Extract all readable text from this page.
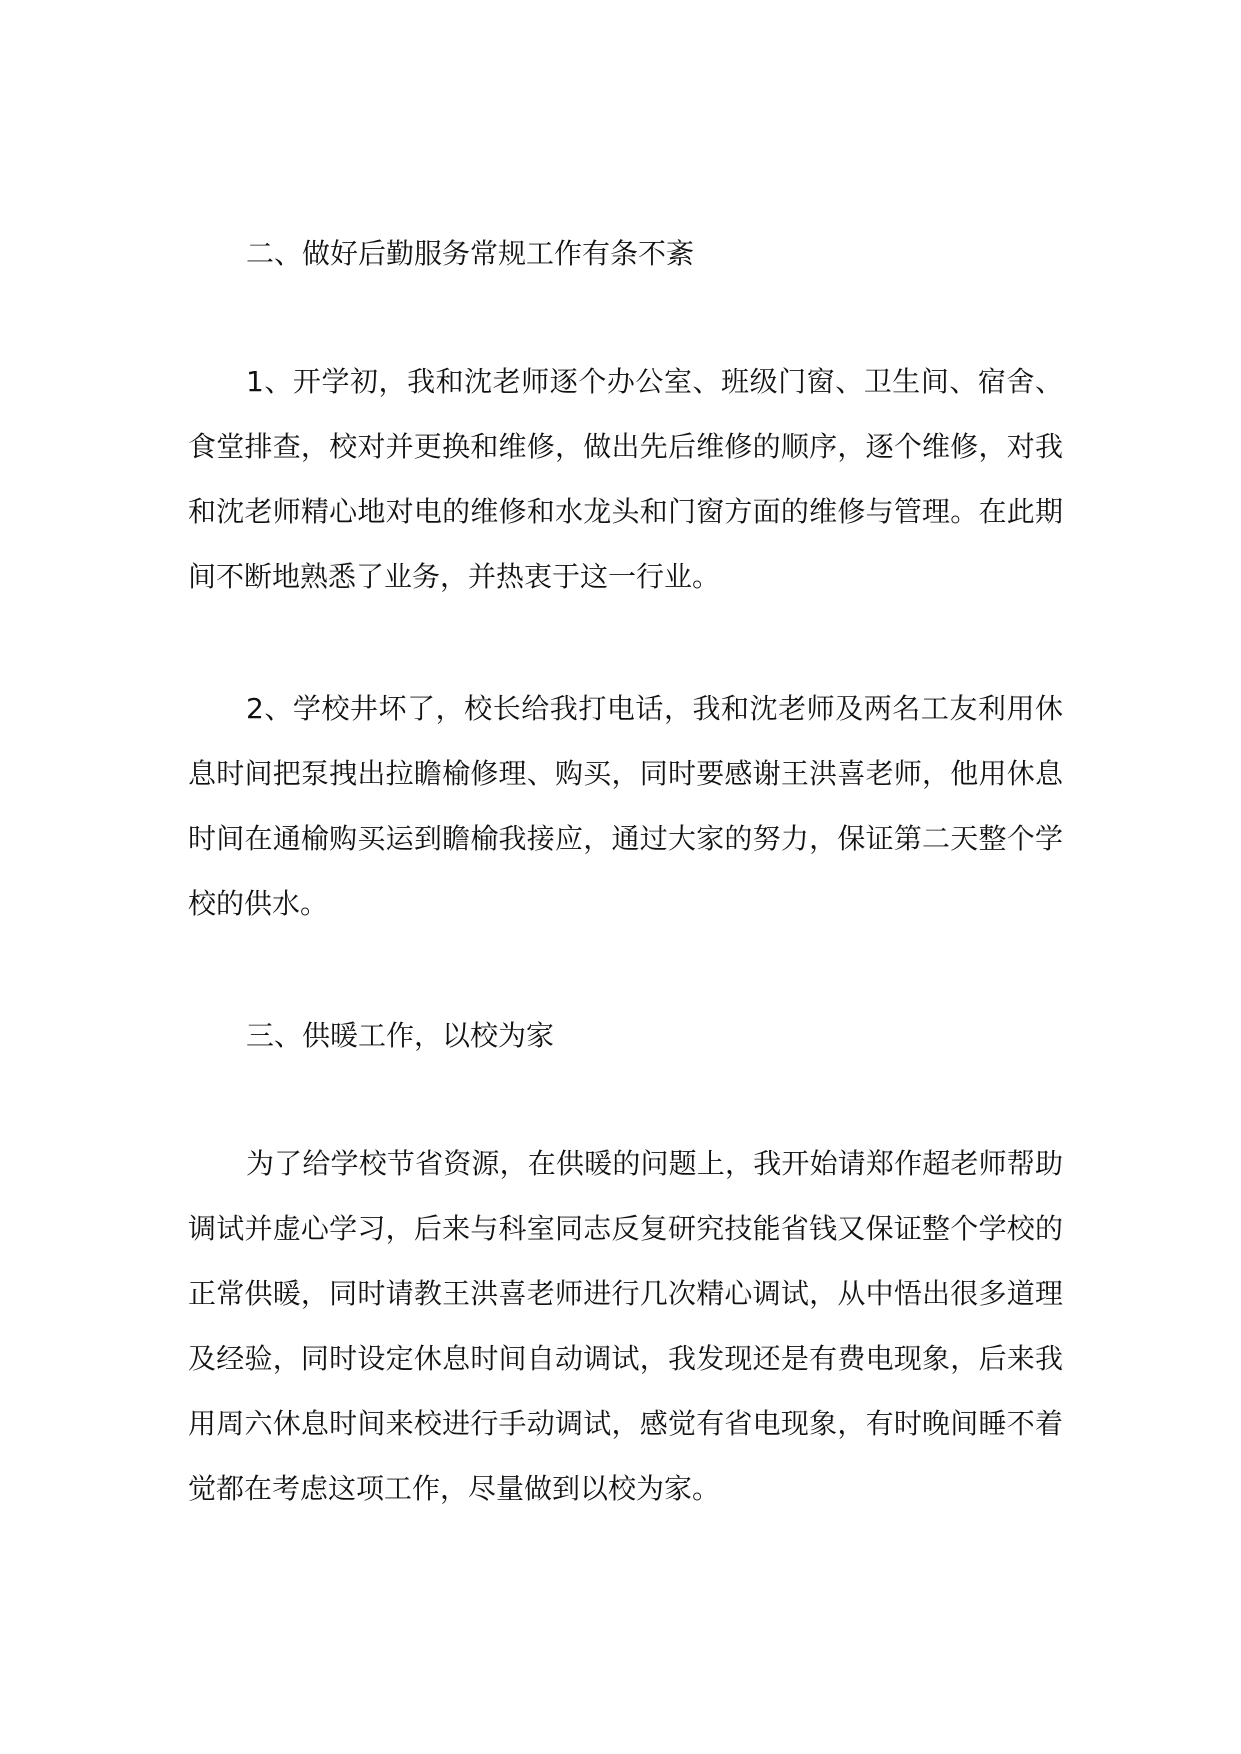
二、做好后勤服务常规工作有条不紊
1、开学初，我和沈老师逐个办公室、班级门窗、卫生间、宿舍、食堂排查，校对并更换和维修，做出先后维修的顺序，逐个维修，对我和沈老师精心地对电的维修和水龙头和门窗方面的维修与管理。在此期间不断地熟悉了业务，并热衷于这一行业。
2、学校井坏了，校长给我打电话，我和沈老师及两名工友利用休息时间把泵拽出拉瞻榆修理、购买，同时要感谢王洪喜老师，他用休息时间在通榆购买运到瞻榆我接应，通过大家的努力，保证第二天整个学校的供水。
三、供暖工作，以校为家
为了给学校节省资源，在供暖的问题上，我开始请郑作超老师帮助调试并虚心学习，后来与科室同志反复研究技能省钱又保证整个学校的正常供暖，同时请教王洪喜老师进行几次精心调试，从中悟出很多道理及经验，同时设定休息时间自动调试，我发现还是有费电现象，后来我用周六休息时间来校进行手动调试，感觉有省电现象，有时晚间睡不着觉都在考虑这项工作，尽量做到以校为家。
